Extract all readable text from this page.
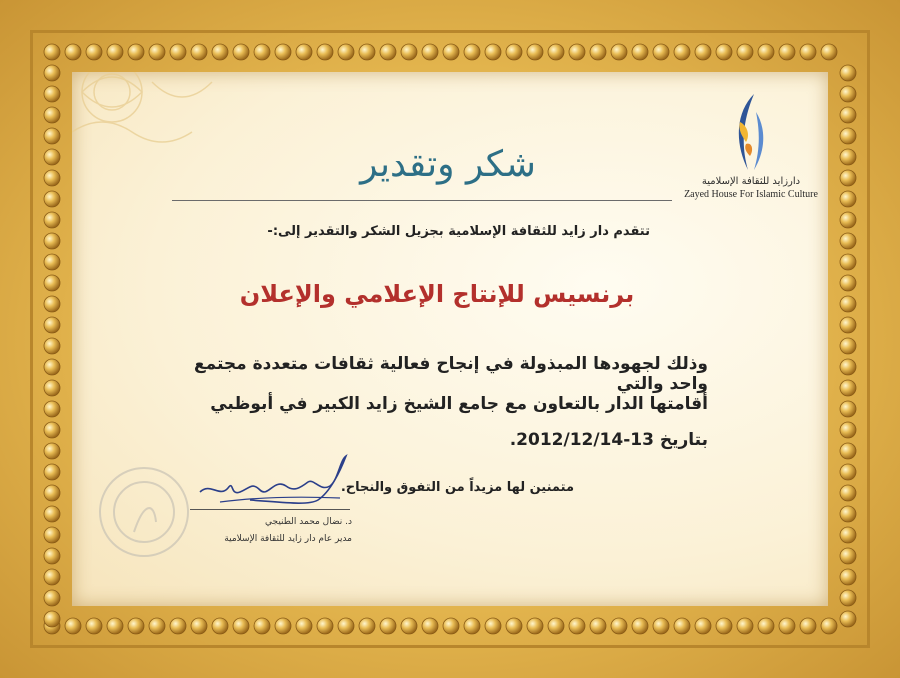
دارزايد للثقافة الإسلامية
Zayed House For Islamic Culture
شكر وتقدير
تتقدم دار زايد للثقافة الإسلامية بجزيل الشكر والتقدير إلى:-
برنسيس للإنتاج الإعلامي والإعلان
وذلك لجهودها المبذولة في إنجاح فعالية ثقافات متعددة مجتمع واحد والتي
أقامتها الدار بالتعاون مع جامع الشيخ زايد الكبير في أبوظبي
بتاريخ 13-2012/12/14.
متمنين لها مزيداً من التفوق والنجاح.
د. نضال محمد الطنيجي
مدير عام دار زايد للثقافة الإسلامية
